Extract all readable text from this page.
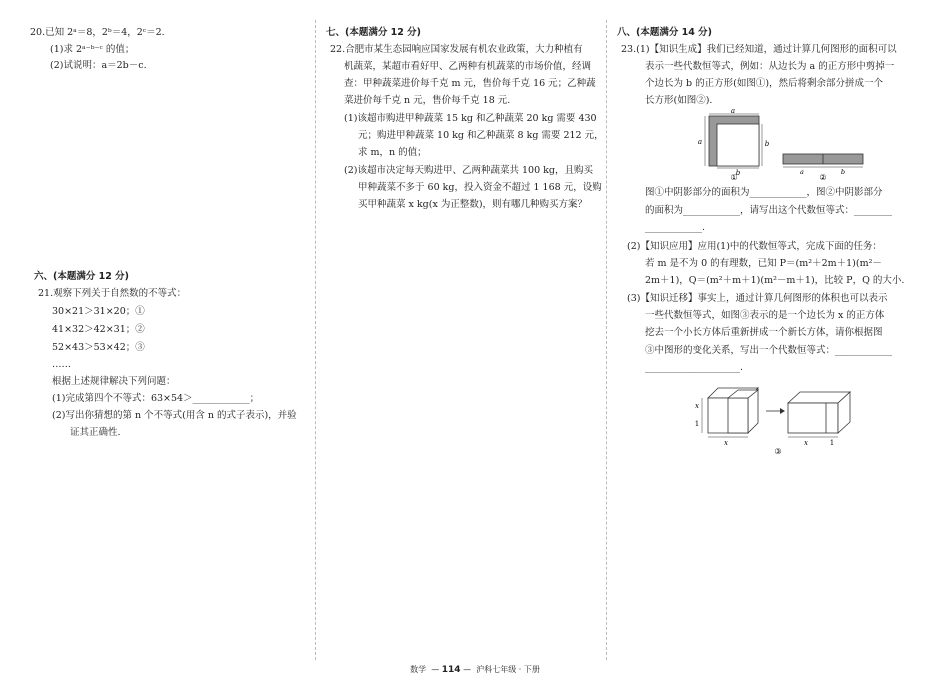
20.已知 2ᵃ＝8，2ᵇ＝4，2ᶜ＝2.
(1)求 2ᵃ⁻ᵇ⁻ᶜ 的值；
(2)试说明：a＝2b－c.
六、(本题满分 12 分)
21.观察下列关于自然数的不等式：
30×21＞31×20；①
41×32＞42×31；②
52×43＞53×42；③
……
根据上述规律解决下列问题：
(1)完成第四个不等式：63×54＞____________；
(2)写出你猜想的第 n 个不等式(用含 n 的式子表示)，并验
证其正确性.
七、(本题满分 12 分)
22.合肥市某生态园响应国家发展有机农业政策，大力种植有
机蔬菜，某超市看好甲、乙两种有机蔬菜的市场价值，经调
查：甲种蔬菜进价每千克 m 元，售价每千克 16 元；乙种蔬
菜进价每千克 n 元，售价每千克 18 元.
(1)该超市购进甲种蔬菜 15 kg 和乙种蔬菜 20 kg 需要 430
元；购进甲种蔬菜 10 kg 和乙种蔬菜 8 kg 需要 212 元，
求 m，n 的值；
(2)该超市决定每天购进甲、乙两种蔬菜共 100 kg，且购买
甲种蔬菜不多于 60 kg，投入资金不超过 1 168 元，设购
买甲种蔬菜 x kg(x 为正整数)，则有哪几种购买方案？
八、(本题满分 14 分)
23.(1)【知识生成】我们已经知道，通过计算几何图形的面积可以
表示一些代数恒等式，例如：从边长为 a 的正方形中剪掉一
个边长为 b 的正方形(如图①)，然后将剩余部分拼成一个
长方形(如图②).
a
a
b
b
①
a	b
②
图①中阴影部分的面积为____________，图②中阴影部分
的面积为____________，请写出这个代数恒等式：________
____________.
(2)【知识应用】应用(1)中的代数恒等式，完成下面的任务：
若 m 是不为 0 的有理数，已知 P＝(m²＋2m＋1)(m²－
2m＋1)，Q＝(m²＋m＋1)(m²－m＋1)，比较 P，Q 的大小.
(3)【知识迁移】事实上，通过计算几何图形的体积也可以表示
一些代数恒等式，如图③表示的是一个边长为 x 的正方体
挖去一个小长方体后重新拼成一个新长方体，请你根据图
③中图形的变化关系，写出一个代数恒等式：____________
____________________.
x
1
x	x	1
③
数学  — 114 —  沪科七年级 · 下册
